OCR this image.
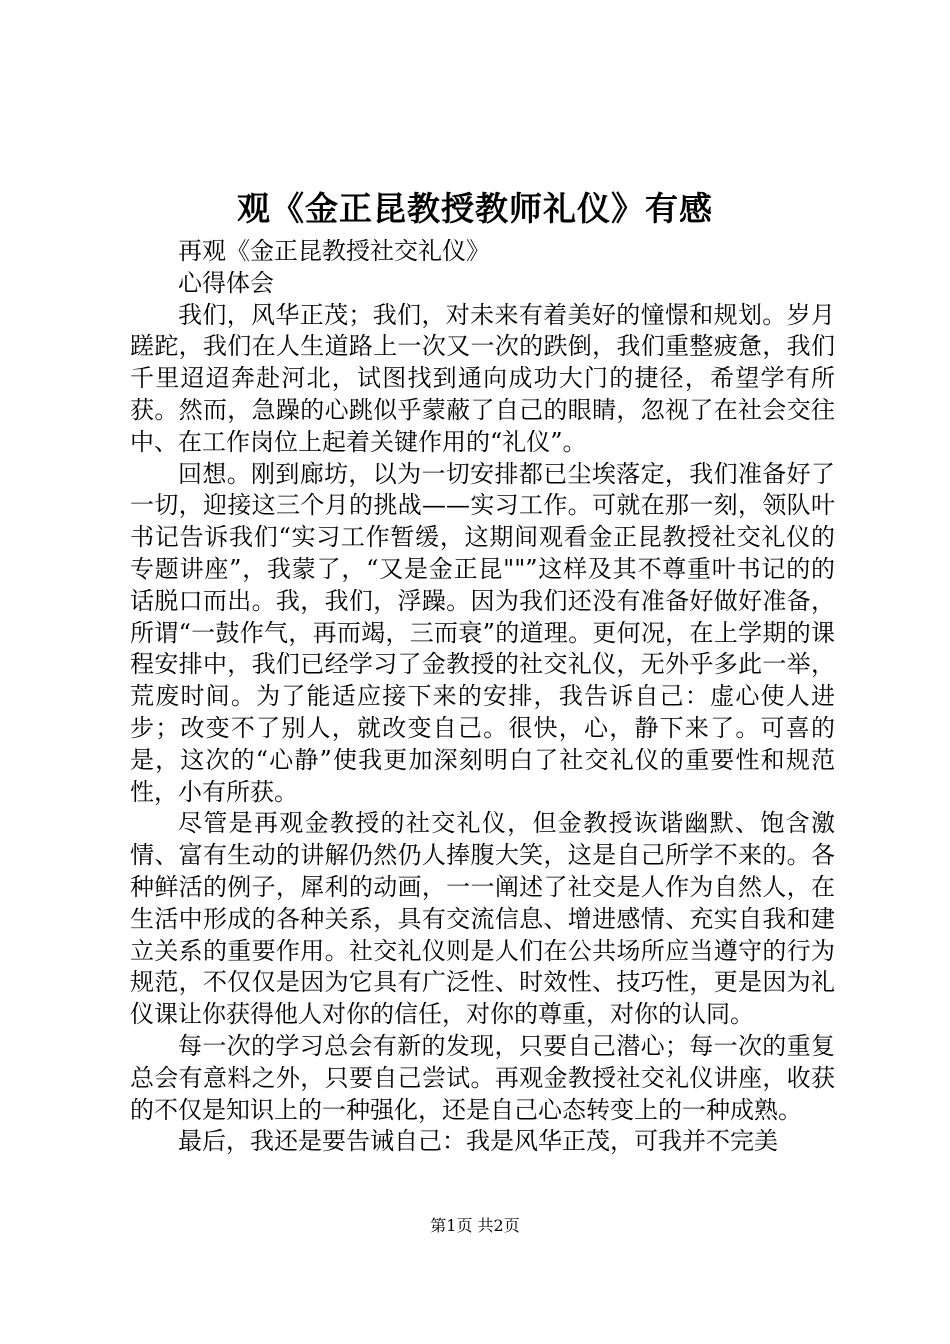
观《金正昆教授教师礼仪》有感

再观《金正昆教授社交礼仪》

心得体会

我们，风华正茂；我们，对未来有着美好的憧憬和规划。岁月蹉跎，我们在人生道路上一次又一次的跌倒，我们重整疲惫，我们千里迢迢奔赴河北，试图找到通向成功大门的捷径，希望学有所获。然而，急躁的心跳似乎蒙蔽了自己的眼睛，忽视了在社会交往中、在工作岗位上起着关键作用的“礼仪”。

回想。刚到廊坊，以为一切安排都已尘埃落定，我们准备好了一切，迎接这三个月的挑战——实习工作。可就在那一刻，领队叶书记告诉我们“实习工作暂缓，这期间观看金正昆教授社交礼仪的专题讲座”，我蒙了，“又是金正昆""”这样及其不尊重叶书记的的话脱口而出。我，我们，浮躁。因为我们还没有准备好做好准备，所谓“一鼓作气，再而竭，三而衰”的道理。更何况，在上学期的课程安排中，我们已经学习了金教授的社交礼仪，无外乎多此一举，荒废时间。为了能适应接下来的安排，我告诉自己：虚心使人进步；改变不了别人，就改变自己。很快，心，静下来了。可喜的是，这次的“心静”使我更加深刻明白了社交礼仪的重要性和规范性，小有所获。

尽管是再观金教授的社交礼仪，但金教授诙谐幽默、饱含激情、富有生动的讲解仍然仍人捧腹大笑，这是自己所学不来的。各种鲜活的例子，犀利的动画，一一阐述了社交是人作为自然人，在生活中形成的各种关系，具有交流信息、增进感情、充实自我和建立关系的重要作用。社交礼仪则是人们在公共场所应当遵守的行为规范，不仅仅是因为它具有广泛性、时效性、技巧性，更是因为礼仪课让你获得他人对你的信任，对你的尊重，对你的认同。

每一次的学习总会有新的发现，只要自己潜心；每一次的重复总会有意料之外，只要自己尝试。再观金教授社交礼仪讲座，收获的不仅是知识上的一种强化，还是自己心态转变上的一种成熟。

最后，我还是要告诫自己：我是风华正茂，可我并不完美

第1页 共2页
